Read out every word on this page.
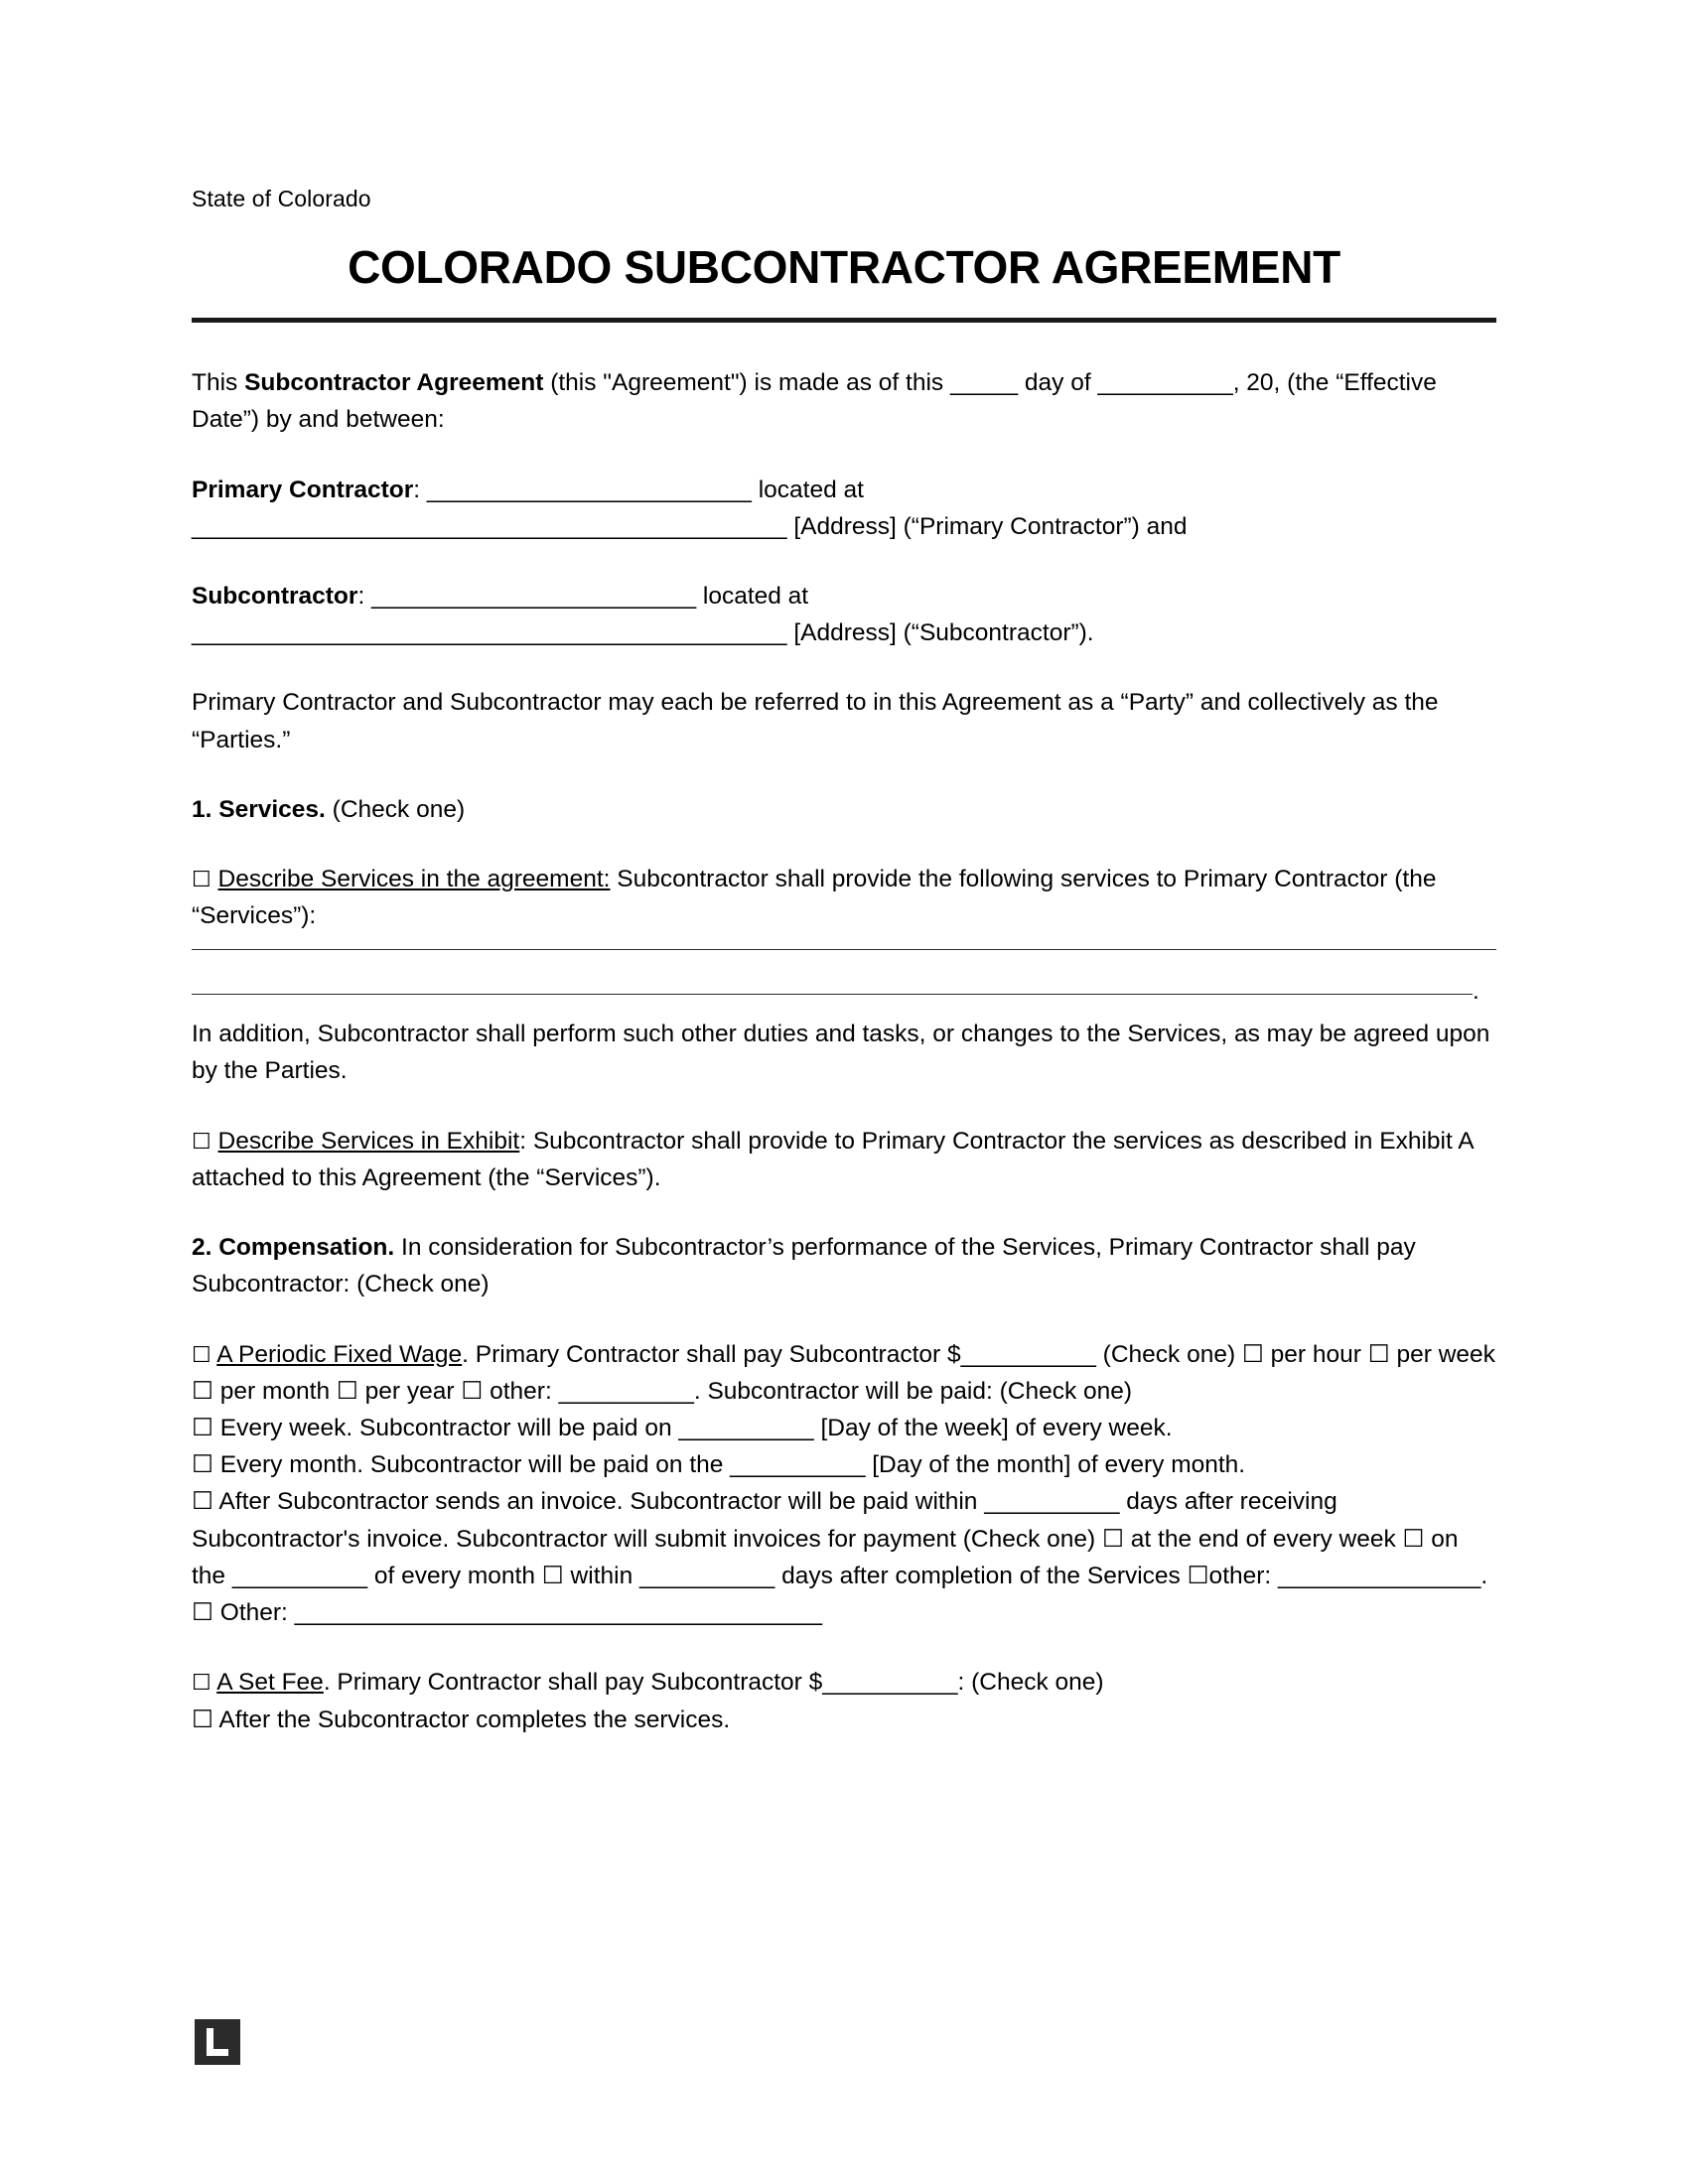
State of Colorado
COLORADO SUBCONTRACTOR AGREEMENT

This Subcontractor Agreement (this "Agreement") is made as of this _____ day of __________, 20, (the “Effective Date”) by and between:

Primary Contractor: ________________________ located at
____________________________________________ [Address] (“Primary Contractor”) and

Subcontractor: ________________________ located at
____________________________________________ [Address] (“Subcontractor”).

Primary Contractor and Subcontractor may each be referred to in this Agreement as a “Party” and collectively as the “Parties.”

1. Services. (Check one)

☐ Describe Services in the agreement: Subcontractor shall provide the following services to Primary Contractor (the “Services”):

.

In addition, Subcontractor shall perform such other duties and tasks, or changes to the Services, as may be agreed upon by the Parties.

☐ Describe Services in Exhibit: Subcontractor shall provide to Primary Contractor the services as described in Exhibit A attached to this Agreement (the “Services”).

2. Compensation. In consideration for Subcontractor’s performance of the Services, Primary Contractor shall pay Subcontractor: (Check one)

☐ A Periodic Fixed Wage. Primary Contractor shall pay Subcontractor $__________ (Check one) ☐ per hour ☐ per week ☐ per month ☐ per year ☐ other: __________. Subcontractor will be paid: (Check one)
☐ Every week. Subcontractor will be paid on __________ [Day of the week] of every week.
☐ Every month. Subcontractor will be paid on the __________ [Day of the month] of every month.
☐ After Subcontractor sends an invoice. Subcontractor will be paid within __________ days after receiving Subcontractor's invoice. Subcontractor will submit invoices for payment (Check one) ☐ at the end of every week ☐ on the __________ of every month ☐ within __________ days after completion of the Services ☐other: _______________.
☐ Other: _______________________________________
☐ A Set Fee. Primary Contractor shall pay Subcontractor $__________: (Check one)
☐ After the Subcontractor completes the services.
